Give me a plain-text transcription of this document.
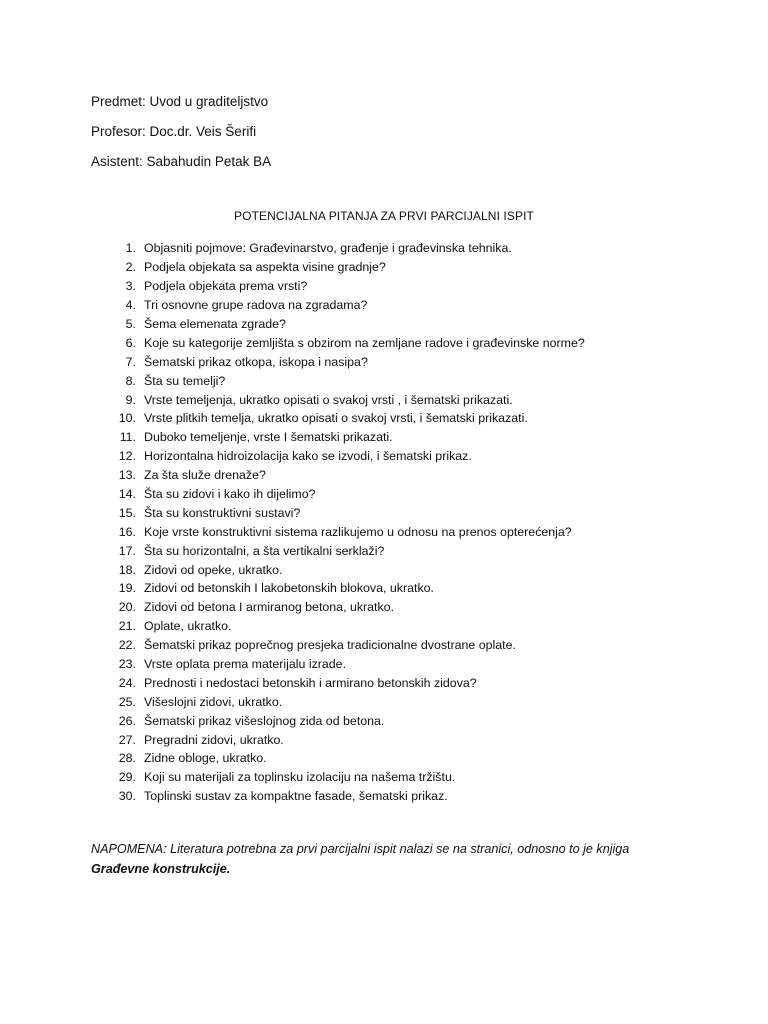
Predmet: Uvod u graditeljstvo
Profesor: Doc.dr. Veis Šerifi
Asistent: Sabahudin Petak BA
POTENCIJALNA PITANJA ZA PRVI PARCIJALNI ISPIT
1. Objasniti pojmove: Građevinarstvo, građenje i građevinska tehnika.
2. Podjela objekata sa aspekta visine gradnje?
3. Podjela objekata prema vrsti?
4. Tri osnovne grupe radova na zgradama?
5. Šema elemenata zgrade?
6. Koje su kategorije zemljišta s obzirom na zemljane radove i građevinske norme?
7. Šematski prikaz otkopa, iskopa i nasipa?
8. Šta su temelji?
9. Vrste temeljenja, ukratko opisati o svakoj vrsti , i šematski prikazati.
10. Vrste plitkih temelja, ukratko opisati o svakoj vrsti, i šematski prikazati.
11. Duboko temeljenje, vrste I šematski prikazati.
12. Horizontalna hidroizolacija kako se izvodi, i šematski prikaz.
13. Za šta služe drenaže?
14. Šta su zidovi i kako ih dijelimo?
15. Šta su konstruktivni sustavi?
16. Koje vrste konstruktivni sistema razlikujemo u odnosu na prenos opterećenja?
17. Šta su horizontalni, a šta vertikalni serklaži?
18. Zidovi od opeke, ukratko.
19. Zidovi od betonskih I lakobetonskih blokova, ukratko.
20. Zidovi od betona I armiranog betona, ukratko.
21. Oplate, ukratko.
22. Šematski prikaz poprečnog presjeka tradicionalne dvostrane oplate.
23. Vrste oplata prema materijalu izrade.
24. Prednosti i nedostaci betonskih i armirano betonskih zidova?
25. Višeslojni zidovi, ukratko.
26. Šematski prikaz višeslojnog zida od betona.
27. Pregradni zidovi, ukratko.
28. Zidne obloge, ukratko.
29. Koji su materijali za toplinsku izolaciju na našema tržištu.
30. Toplinski sustav za kompaktne fasade, šematski prikaz.
NAPOMENA: Literatura potrebna za prvi parcijalni ispit nalazi se na stranici, odnosno to je knjiga
Građevne konstrukcije.
